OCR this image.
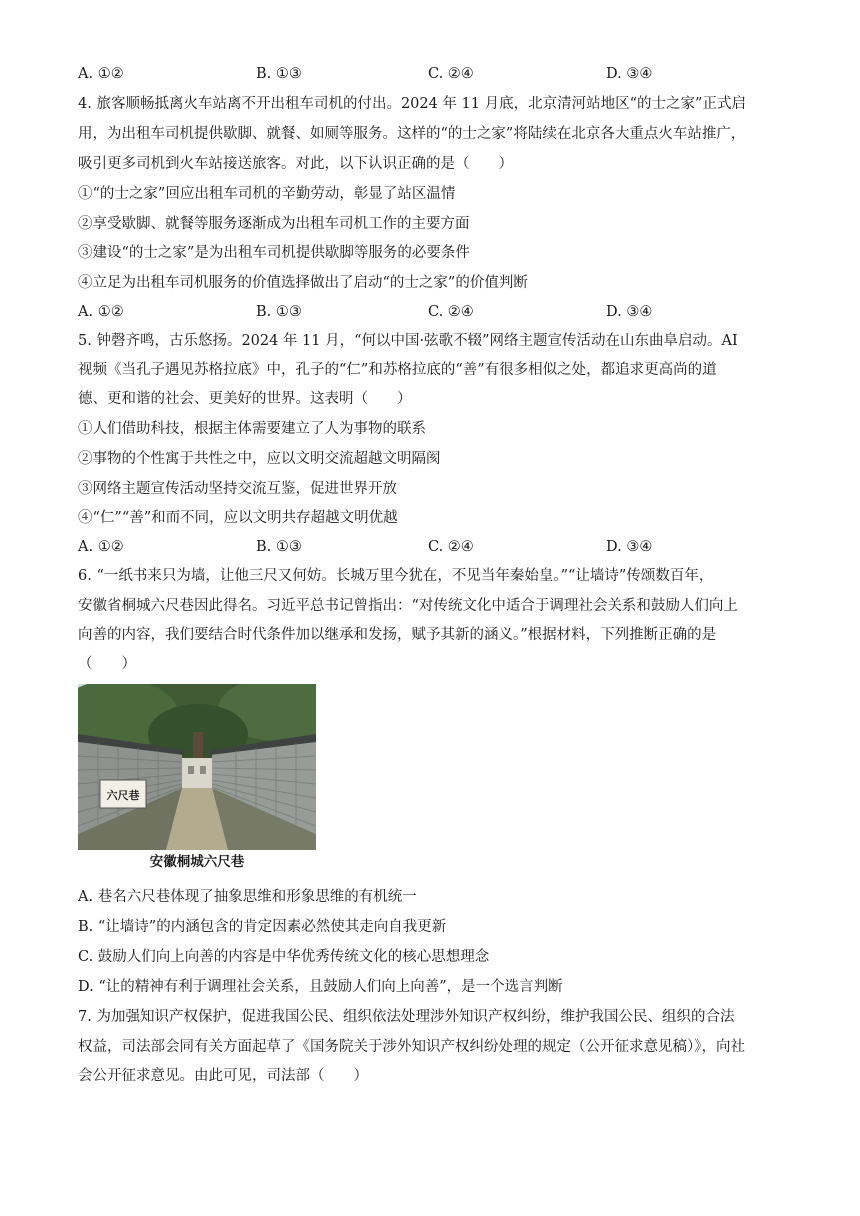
A. ①②	B. ①③	C. ②④	D. ③④
4. 旅客顺畅抵离火车站离不开出租车司机的付出。2024 年 11 月底，北京清河站地区“的士之家”正式启
用，为出租车司机提供歇脚、就餐、如厕等服务。这样的“的士之家”将陆续在北京各大重点火车站推广，
吸引更多司机到火车站接送旅客。对此，以下认识正确的是（　　）
①“的士之家”回应出租车司机的辛勤劳动，彰显了站区温情
②享受歇脚、就餐等服务逐渐成为出租车司机工作的主要方面
③建设“的士之家”是为出租车司机提供歇脚等服务的必要条件
④立足为出租车司机服务的价值选择做出了启动“的士之家”的价值判断
A. ①②	B. ①③	C. ②④	D. ③④
5. 钟磬齐鸣，古乐悠扬。2024 年 11 月，“何以中国·弦歌不辍”网络主题宣传活动在山东曲阜启动。AI
视频《当孔子遇见苏格拉底》中，孔子的“仁”和苏格拉底的“善”有很多相似之处，都追求更高尚的道
德、更和谐的社会、更美好的世界。这表明（　　）
①人们借助科技，根据主体需要建立了人为事物的联系
②事物的个性寓于共性之中，应以文明交流超越文明隔阂
③网络主题宣传活动坚持交流互鉴，促进世界开放
④“仁”“善”和而不同，应以文明共存超越文明优越
A. ①②	B. ①③	C. ②④	D. ③④
6. “一纸书来只为墙，让他三尺又何妨。长城万里今犹在，不见当年秦始皇。”“让墙诗”传颂数百年，
安徽省桐城六尺巷因此得名。习近平总书记曾指出：“对传统文化中适合于调理社会关系和鼓励人们向上
向善的内容，我们要结合时代条件加以继承和发扬，赋予其新的涵义。”根据材料，下列推断正确的是
（　　）
六尺巷
安徽桐城六尺巷
A. 巷名六尺巷体现了抽象思维和形象思维的有机统一
B. “让墙诗”的内涵包含的肯定因素必然使其走向自我更新
C. 鼓励人们向上向善的内容是中华优秀传统文化的核心思想理念
D. “让的精神有利于调理社会关系，且鼓励人们向上向善”，是一个选言判断
7. 为加强知识产权保护，促进我国公民、组织依法处理涉外知识产权纠纷，维护我国公民、组织的合法
权益，司法部会同有关方面起草了《国务院关于涉外知识产权纠纷处理的规定（公开征求意见稿）》，向社
会公开征求意见。由此可见，司法部（　　）
